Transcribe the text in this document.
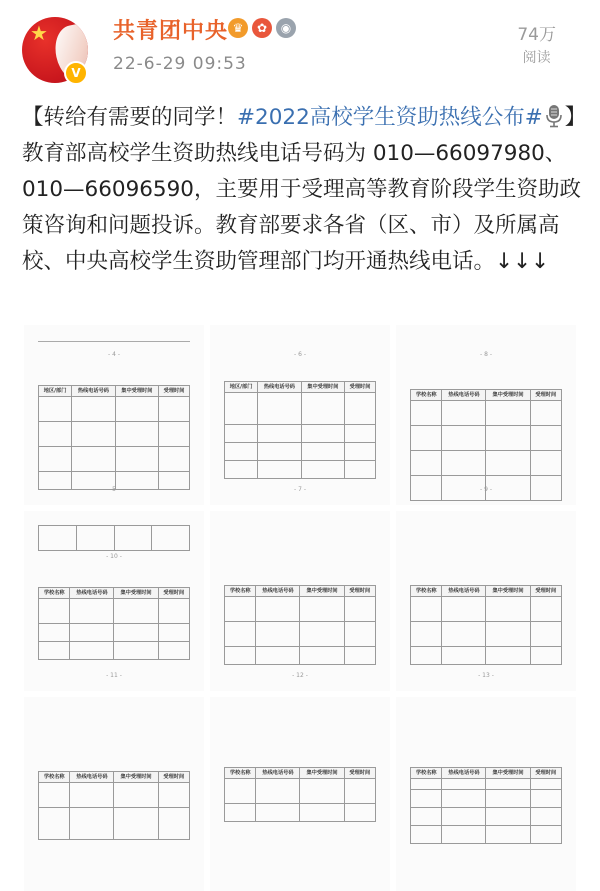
★
V
共青团中央 ♛	✿	◉
22-6-29 09:53
74万
阅读
【转给有需要的同学！#2022高校学生资助热线公布# 】教育部高校学生资助热线电话号码为 010—66097980、010—66096590，主要用于受理高等教育阶段学生资助政策咨询和问题投诉。教育部要求各省（区、市）及所属高校、中央高校学生资助管理部门均开通热线电话。↓↓↓
- 4 -
地区/部门	热线电话号码	集中受理时间	受理时间

- 5 -
- 6 -
地区/部门	热线电话号码	集中受理时间	受理时间

- 7 -
- 8 -
学校名称	热线电话号码	集中受理时间	受理时间

- 9 -

- 10 -
学校名称	热线电话号码	集中受理时间	受理时间

- 11 -
学校名称	热线电话号码	集中受理时间	受理时间

- 12 -
学校名称	热线电话号码	集中受理时间	受理时间

- 13 -
学校名称	热线电话号码	集中受理时间	受理时间

学校名称	热线电话号码	集中受理时间	受理时间

	学校名称	热线电话号码	集中受理时间	受理时间
